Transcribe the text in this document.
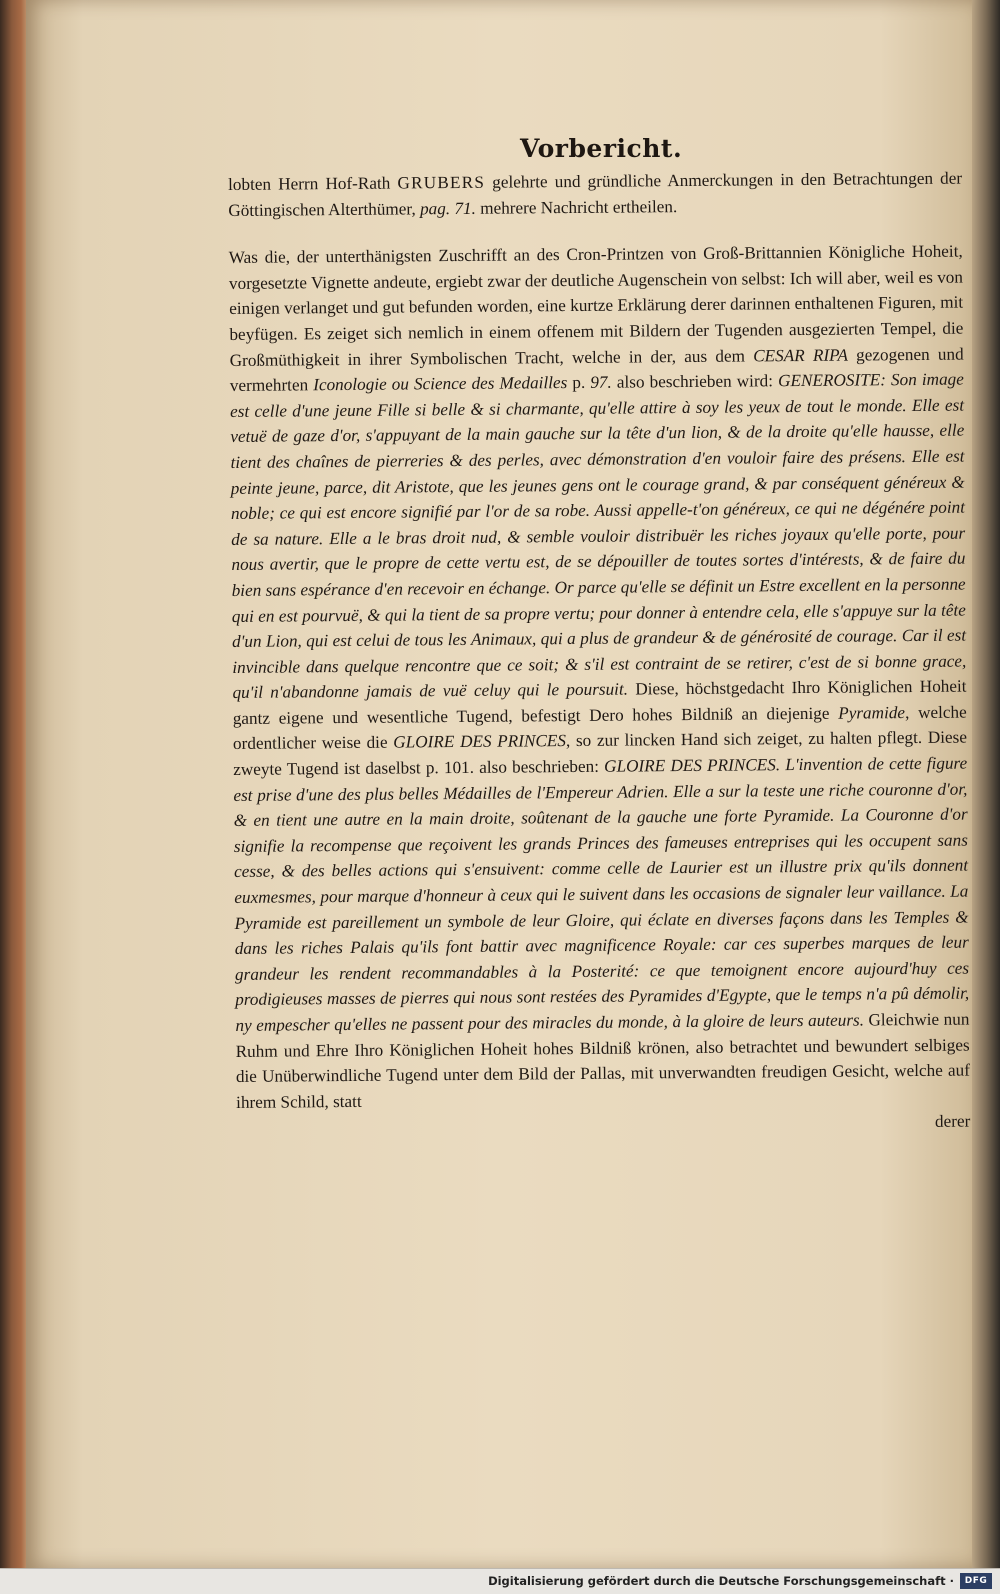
Vorbericht.

lobten Herrn Hof-Rath GRUBERS gelehrte und gründliche Anmerckungen in den Betrachtungen der Göttingischen Alterthümer, pag. 71. mehrere Nachricht ertheilen.

Was die, der unterthänigsten Zuschrifft an des Cron-Printzen von Groß-Brittannien Königliche Hoheit, vorgesetzte Vignette andeute, ergiebt zwar der deutliche Augenschein von selbst: Ich will aber, weil es von einigen verlanget und gut befunden worden, eine kurtze Erklärung derer darinnen enthaltenen Figuren, mit beyfügen. Es zeiget sich nemlich in einem offenem mit Bildern der Tugenden ausgezierten Tempel, die Großmüthigkeit in ihrer Symbolischen Tracht, welche in der, aus dem CESAR RIPA gezogenen und vermehrten Iconologie ou Science des Medailles p. 97. also beschrieben wird: GENEROSITE: Son image est celle d'une jeune Fille si belle & si charmante, qu'elle attire à soy les yeux de tout le monde. Elle est vetuë de gaze d'or, s'appuyant de la main gauche sur la tête d'un lion, & de la droite qu'elle hausse, elle tient des chaînes de pierreries & des perles, avec démonstration d'en vouloir faire des présens. Elle est peinte jeune, parce, dit Aristote, que les jeunes gens ont le courage grand, & par conséquent généreux & noble; ce qui est encore signifié par l'or de sa robe. Aussi appelle-t'on généreux, ce qui ne dégénére point de sa nature. Elle a le bras droit nud, & semble vouloir distribuër les riches joyaux qu'elle porte, pour nous avertir, que le propre de cette vertu est, de se dépouiller de toutes sortes d'intérests, & de faire du bien sans espérance d'en recevoir en échange. Or parce qu'elle se définit un Estre excellent en la personne qui en est pourvuë, & qui la tient de sa propre vertu; pour donner à entendre cela, elle s'appuye sur la tête d'un Lion, qui est celui de tous les Animaux, qui a plus de grandeur & de générosité de courage. Car il est invincible dans quelque rencontre que ce soit; & s'il est contraint de se retirer, c'est de si bonne grace, qu'il n'abandonne jamais de vuë celuy qui le poursuit. Diese, höchstgedacht Ihro Königlichen Hoheit gantz eigene und wesentliche Tugend, befestigt Dero hohes Bildniß an diejenige Pyramide, welche ordentlicher weise die GLOIRE DES PRINCES, so zur lincken Hand sich zeiget, zu halten pflegt. Diese zweyte Tugend ist daselbst p. 101. also beschrieben: GLOIRE DES PRINCES. L'invention de cette figure est prise d'une des plus belles Médailles de l'Empereur Adrien. Elle a sur la teste une riche couronne d'or, & en tient une autre en la main droite, soûtenant de la gauche une forte Pyramide. La Couronne d'or signifie la recompense que reçoivent les grands Princes des fameuses entreprises qui les occupent sans cesse, & des belles actions qui s'ensuivent: comme celle de Laurier est un illustre prix qu'ils donnent euxmesmes, pour marque d'honneur à ceux qui le suivent dans les occasions de signaler leur vaillance. La Pyramide est pareillement un symbole de leur Gloire, qui éclate en diverses façons dans les Temples & dans les riches Palais qu'ils font battir avec magnificence Royale: car ces superbes marques de leur grandeur les rendent recommandables à la Posterité: ce que temoignent encore aujourd'huy ces prodigieuses masses de pierres qui nous sont restées des Pyramides d'Egypte, que le temps n'a pû démolir, ny empescher qu'elles ne passent pour des miracles du monde, à la gloire de leurs auteurs. Gleichwie nun Ruhm und Ehre Ihro Königlichen Hoheit hohes Bildniß krönen, also betrachtet und bewundert selbiges die Unüberwindliche Tugend unter dem Bild der Pallas, mit unverwandten freudigen Gesicht, welche auf ihrem Schild, statt

derer
Digitalisierung gefördert durch die Deutsche Forschungsgemeinschaft ·	DFG
